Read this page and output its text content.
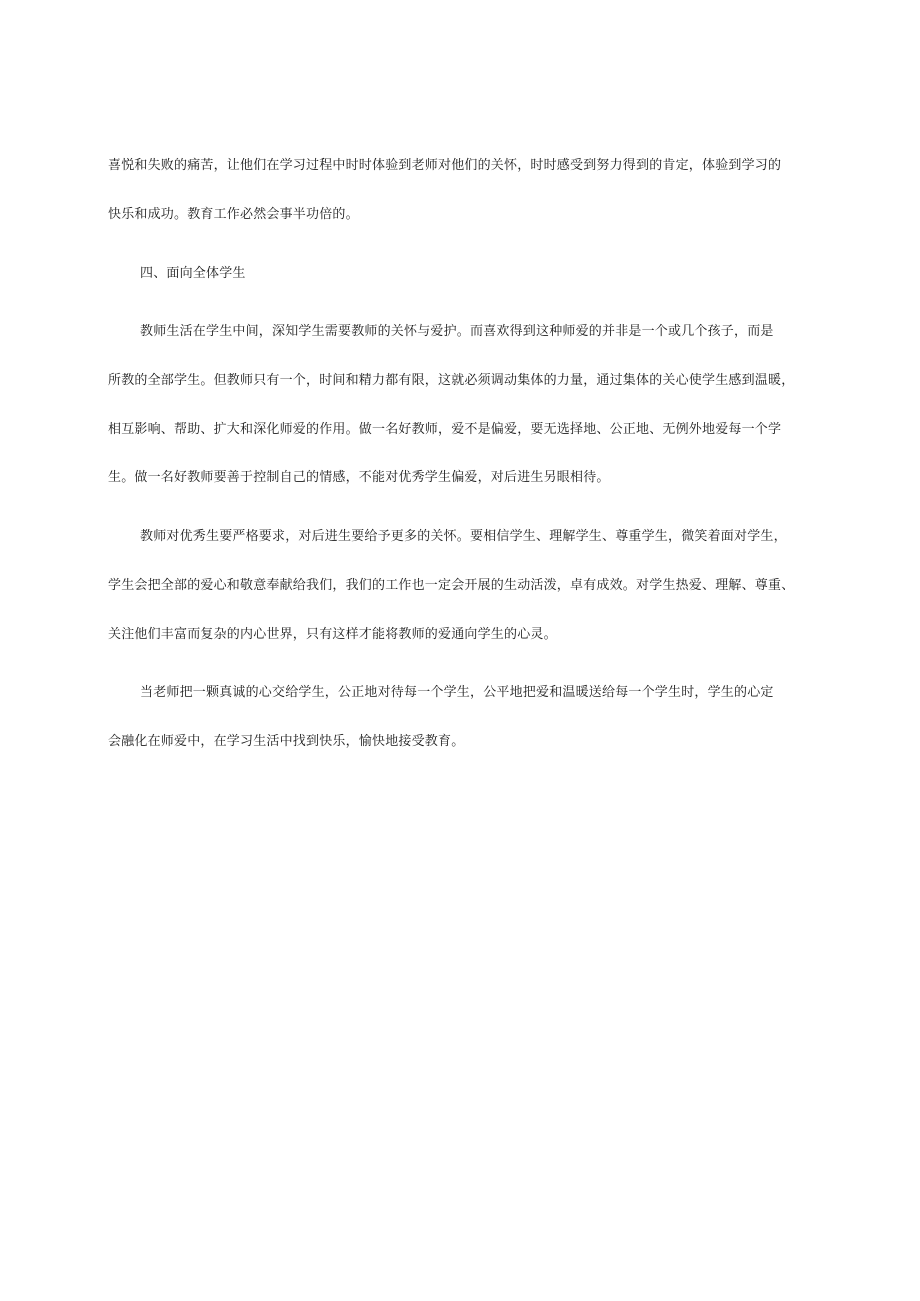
喜悦和失败的痛苦，让他们在学习过程中时时体验到老师对他们的关怀，时时感受到努力得到的肯定，体验到学习的
快乐和成功。教育工作必然会事半功倍的。
四、面向全体学生
教师生活在学生中间，深知学生需要教师的关怀与爱护。而喜欢得到这种师爱的并非是一个或几个孩子，而是
所教的全部学生。但教师只有一个，时间和精力都有限，这就必须调动集体的力量，通过集体的关心使学生感到温暖，
相互影响、帮助、扩大和深化师爱的作用。做一名好教师，爱不是偏爱，要无选择地、公正地、无例外地爱每一个学
生。做一名好教师要善于控制自己的情感，不能对优秀学生偏爱，对后进生另眼相待。
教师对优秀生要严格要求，对后进生要给予更多的关怀。要相信学生、理解学生、尊重学生，微笑着面对学生，
学生会把全部的爱心和敬意奉献给我们，我们的工作也一定会开展的生动活泼，卓有成效。对学生热爱、理解、尊重、
关注他们丰富而复杂的内心世界，只有这样才能将教师的爱通向学生的心灵。
当老师把一颗真诚的心交给学生，公正地对待每一个学生，公平地把爱和温暖送给每一个学生时，学生的心定
会融化在师爱中，在学习生活中找到快乐，愉快地接受教育。
